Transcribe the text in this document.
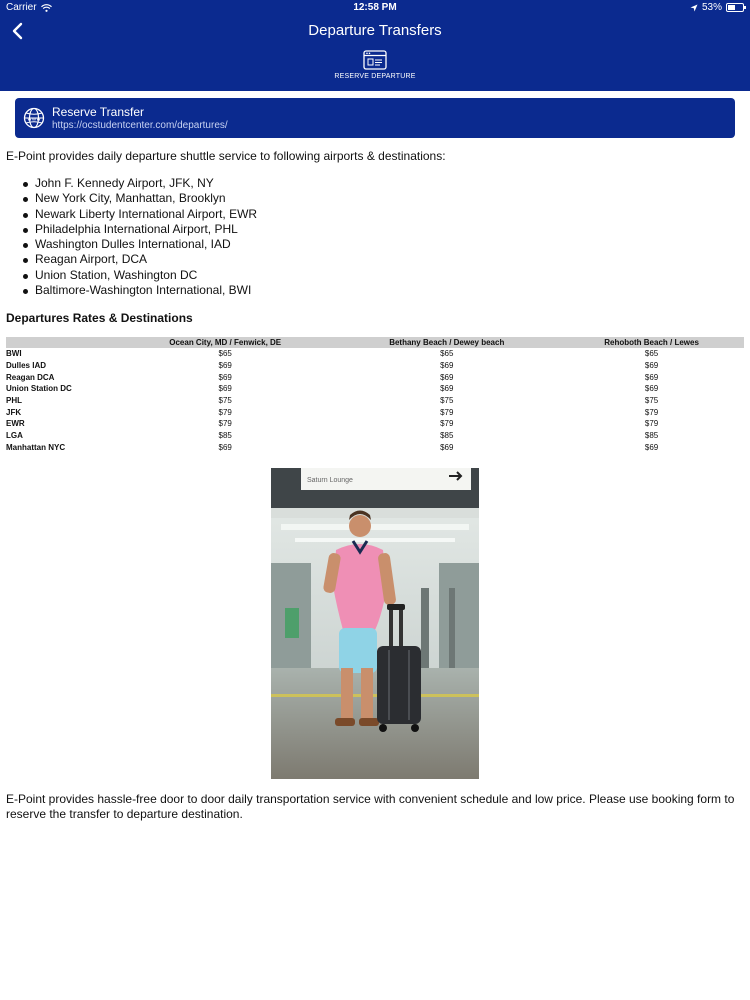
Carrier	12:58 PM	53%
Departure Transfers
RESERVE DEPARTURE
www
Reserve Transfer
https://ocstudentcenter.com/departures/

E-Point provides daily departure shuttle service to following airports & destinations:

John F. Kennedy Airport, JFK, NY
New York City, Manhattan, Brooklyn
Newark Liberty International Airport, EWR
Philadelphia International Airport, PHL
Washington Dulles International, IAD
Reagan Airport, DCA
Union Station, Washington DC
Baltimore-Washington International, BWI
Departures Rates & Destinations
	Ocean City, MD / Fenwick, DE	Bethany Beach / Dewey beach	Rehoboth Beach / Lewes
BWI	$65	$65	$65
Dulles IAD	$69	$69	$69
Reagan DCA	$69	$69	$69
Union Station DC	$69	$69	$69
PHL	$75	$75	$75
JFK	$79	$79	$79
EWR	$79	$79	$79
LGA	$85	$85	$85
Manhattan NYC	$69	$69	$69
Saturn Lounge

E-Point provides hassle-free door to door daily transportation service with convenient schedule and low price. Please use booking form to reserve the transfer to departure destination.
